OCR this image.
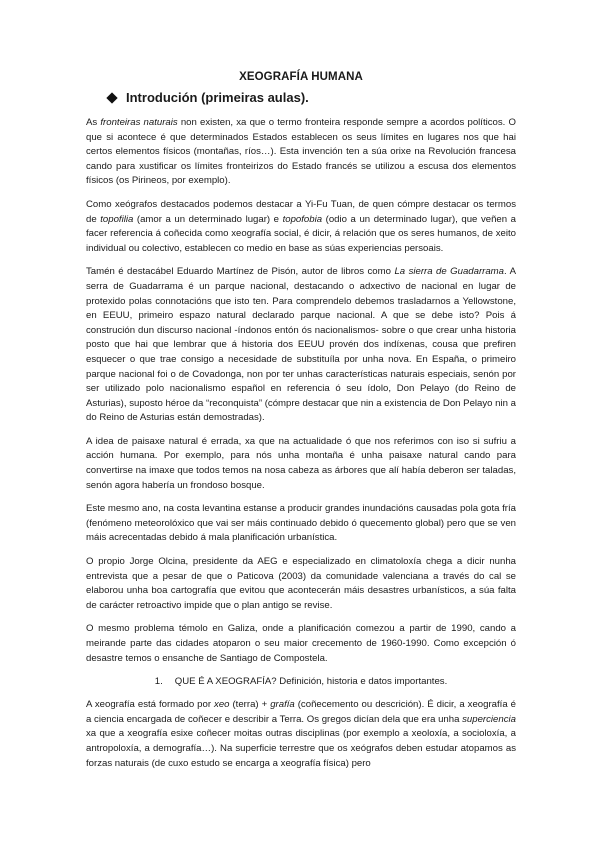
XEOGRAFÍA HUMANA
Introdución (primeiras aulas).

As fronteiras naturais non existen, xa que o termo fronteira responde sempre a acordos políticos. O que si acontece é que determinados Estados establecen os seus límites en lugares nos que hai certos elementos físicos (montañas, ríos…). Esta invención ten a súa orixe na Revolución francesa cando para xustificar os límites fronteirizos do Estado francés se utilizou a escusa dos elementos físicos (os Pirineos, por exemplo).

Como xeógrafos destacados podemos destacar a Yi-Fu Tuan, de quen cómpre destacar os termos de topofilia (amor a un determinado lugar) e topofobia (odio a un determinado lugar), que veñen a facer referencia á coñecida como xeografía social, é dicir, á relación que os seres humanos, de xeito individual ou colectivo, establecen co medio en base as súas experiencias persoais.

Tamén é destacábel Eduardo Martínez de Pisón, autor de libros como La sierra de Guadarrama. A serra de Guadarrama é un parque nacional, destacando o adxectivo de nacional en lugar de protexido polas connotacións que isto ten. Para comprendelo debemos trasladarnos a Yellowstone, en EEUU, primeiro espazo natural declarado parque nacional. A que se debe isto? Pois á construción dun discurso nacional -índonos entón ós nacionalismos- sobre o que crear unha historia posto que hai que lembrar que á historia dos EEUU provén dos indíxenas, cousa que prefiren esquecer o que trae consigo a necesidade de substituíla por unha nova. En España, o primeiro parque nacional foi o de Covadonga, non por ter unhas características naturais especiais, senón por ser utilizado polo nacionalismo español en referencia ó seu ídolo, Don Pelayo (do Reino de Asturias), suposto héroe da “reconquista” (cómpre destacar que nin a existencia de Don Pelayo nin a do Reino de Asturias están demostradas).

A idea de paisaxe natural é errada, xa que na actualidade ó que nos referimos con iso si sufriu a acción humana. Por exemplo, para nós unha montaña é unha paisaxe natural cando para convertirse na imaxe que todos temos na nosa cabeza as árbores que alí había deberon ser taladas, senón agora habería un frondoso bosque.

Este mesmo ano, na costa levantina estanse a producir grandes inundacións causadas pola gota fría (fenómeno meteorolóxico que vai ser máis continuado debido ó quecemento global) pero que se ven máis acrecentadas debido á mala planificación urbanística.

O propio Jorge Olcina, presidente da AEG e especializado en climatoloxía chega a dicir nunha entrevista que a pesar de que o Paticova (2003) da comunidade valenciana a través do cal se elaborou unha boa cartografía que evitou que acontecerán máis desastres urbanísticos, a súa falta de carácter retroactivo impide que o plan antigo se revise.

O mesmo problema témolo en Galiza, onde a planificación comezou a partir de 1990, cando a meirande parte das cidades atoparon o seu maior crecemento de 1960-1990. Como excepción ó desastre temos o ensanche de Santiago de Compostela.

1. QUE É A XEOGRAFÍA? Definición, historia e datos importantes.

A xeografía está formado por xeo (terra) + grafía (coñecemento ou descrición). É dicir, a xeografía é a ciencia encargada de coñecer e describir a Terra. Os gregos dicían dela que era unha superciencia xa que a xeografía esixe coñecer moitas outras disciplinas (por exemplo a xeoloxía, a socioloxía, a antropoloxía, a demografía…). Na superficie terrestre que os xeógrafos deben estudar atopamos as forzas naturais (de cuxo estudo se encarga a xeografía física) pero
